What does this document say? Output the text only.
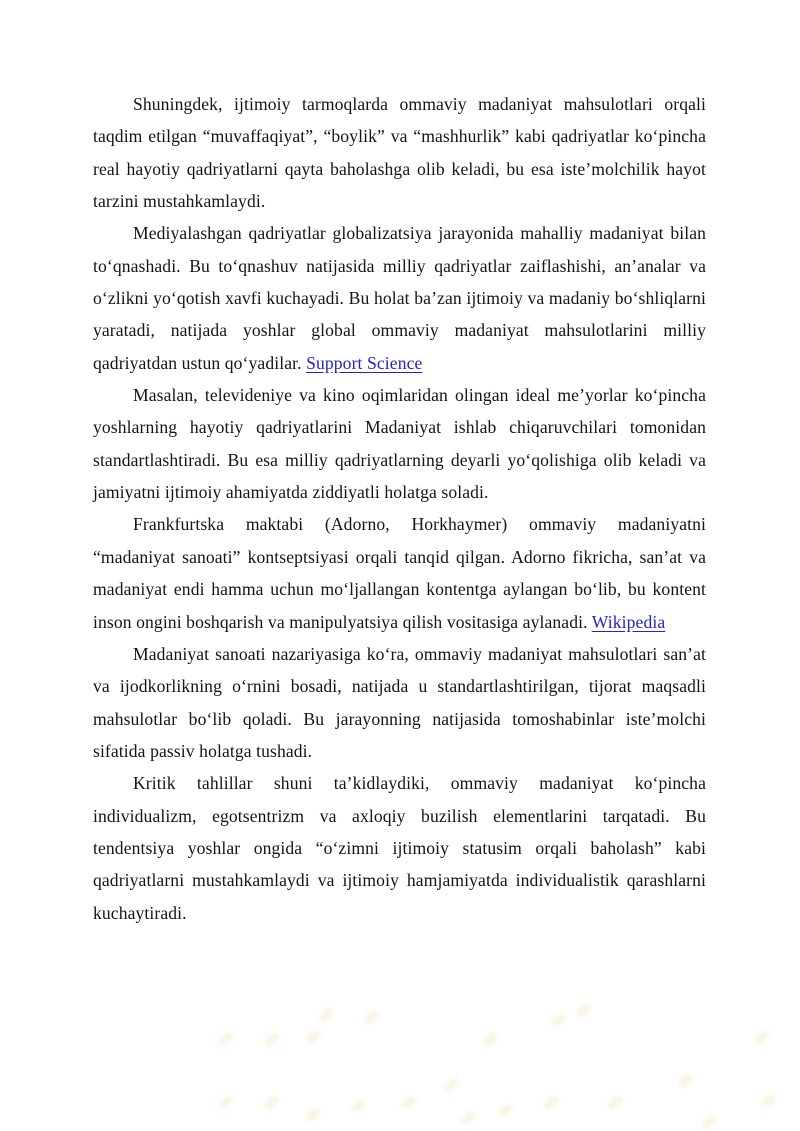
Shuningdek, ijtimoiy tarmoqlarda ommaviy madaniyat mahsulotlari orqali taqdim etilgan “muvaffaqiyat”, “boylik” va “mashhurlik” kabi qadriyatlar ko‘pincha real hayotiy qadriyatlarni qayta baholashga olib keladi, bu esa iste’molchilik hayot tarzini mustahkamlaydi.

Mediyalashgan qadriyatlar globalizatsiya jarayonida mahalliy madaniyat bilan to‘qnashadi. Bu to‘qnashuv natijasida milliy qadriyatlar zaiflashishi, an’analar va o‘zlikni yo‘qotish xavfi kuchayadi. Bu holat ba’zan ijtimoiy va madaniy bo‘shliqlarni yaratadi, natijada yoshlar global ommaviy madaniyat mahsulotlarini milliy qadriyatdan ustun qo‘yadilar. Support Science

Masalan, televideniye va kino oqimlaridan olingan ideal me’yorlar ko‘pincha yoshlarning hayotiy qadriyatlarini Madaniyat ishlab chiqaruvchilari tomonidan standartlashtiradi. Bu esa milliy qadriyatlarning deyarli yo‘qolishiga olib keladi va jamiyatni ijtimoiy ahamiyatda ziddiyatli holatga soladi.

Frankfurtska maktabi (Adorno, Horkhaymer) ommaviy madaniyatni “madaniyat sanoati” kontseptsiyasi orqali tanqid qilgan. Adorno fikricha, san’at va madaniyat endi hamma uchun mo‘ljallangan kontentga aylangan bo‘lib, bu kontent inson ongini boshqarish va manipulyatsiya qilish vositasiga aylanadi. Wikipedia

Madaniyat sanoati nazariyasiga ko‘ra, ommaviy madaniyat mahsulotlari san’at va ijodkorlikning o‘rnini bosadi, natijada u standartlashtirilgan, tijorat maqsadli mahsulotlar bo‘lib qoladi. Bu jarayonning natijasida tomoshabinlar iste’molchi sifatida passiv holatga tushadi.

Kritik tahlillar shuni ta’kidlaydiki, ommaviy madaniyat ko‘pincha individualizm, egotsentrizm va axloqiy buzilish elementlarini tarqatadi. Bu tendentsiya yoshlar ongida “o‘zimni ijtimoiy statusim orqali baholash” kabi qadriyatlarni mustahkamlaydi va ijtimoiy hamjamiyatda individualistik qarashlarni kuchaytiradi.
